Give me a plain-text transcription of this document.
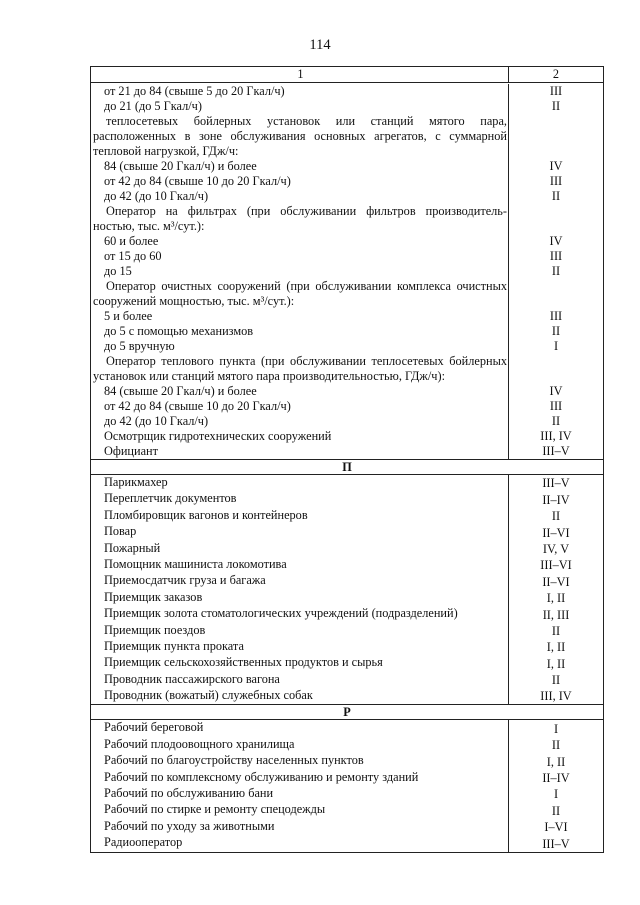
114
1	2
от 21 до 84 (свыше 5 до 20 Гкал/ч)	III
до 21 (до 5 Гкал/ч)	II
теплосетевых бойлерных установок или станций мятого пара, расположенных в зоне обслуживания основных агрегатов, с суммарной тепловой нагрузкой, ГДж/ч:
84 (свыше 20 Гкал/ч) и более	IV
от 42 до 84 (свыше 10 до 20 Гкал/ч)	III
до 42 (до 10 Гкал/ч)	II
Оператор на фильтрах (при обслуживании фильтров производитель-ностью, тыс. м³/сут.):
60 и более	IV
от 15 до 60	III
до 15	II
Оператор очистных сооружений (при обслуживании комплекса очистных сооружений мощностью, тыс. м³/сут.):
5 и более	III
до 5 с помощью механизмов	II
до 5 вручную	I
Оператор теплового пункта (при обслуживании теплосетевых бойлерных установок или станций мятого пара производительностью, ГДж/ч):
84 (свыше 20 Гкал/ч) и более	IV
от 42 до 84 (свыше 10 до 20 Гкал/ч)	III
до 42 (до 10 Гкал/ч)	II
Осмотрщик гидротехнических сооружений	III, IV
Официант	III–V
П
Парикмахер	III–V
Переплетчик документов	II–IV
Пломбировщик вагонов и контейнеров	II
Повар	II–VI
Пожарный	IV, V
Помощник машиниста локомотива	III–VI
Приемосдатчик груза и багажа	II–VI
Приемщик заказов	I, II
Приемщик золота стоматологических учреждений (подразделений)	II, III
Приемщик поездов	II
Приемщик пункта проката	I, II
Приемщик сельскохозяйственных продуктов и сырья	I, II
Проводник пассажирского вагона	II
Проводник (вожатый) служебных собак	III, IV
Р
Рабочий береговой	I
Рабочий плодоовощного хранилища	II
Рабочий по благоустройству населенных пунктов	I, II
Рабочий по комплексному обслуживанию и ремонту зданий	II–IV
Рабочий по обслуживанию бани	I
Рабочий по стирке и ремонту спецодежды	II
Рабочий по уходу за животными	I–VI
Радиооператор	III–V
